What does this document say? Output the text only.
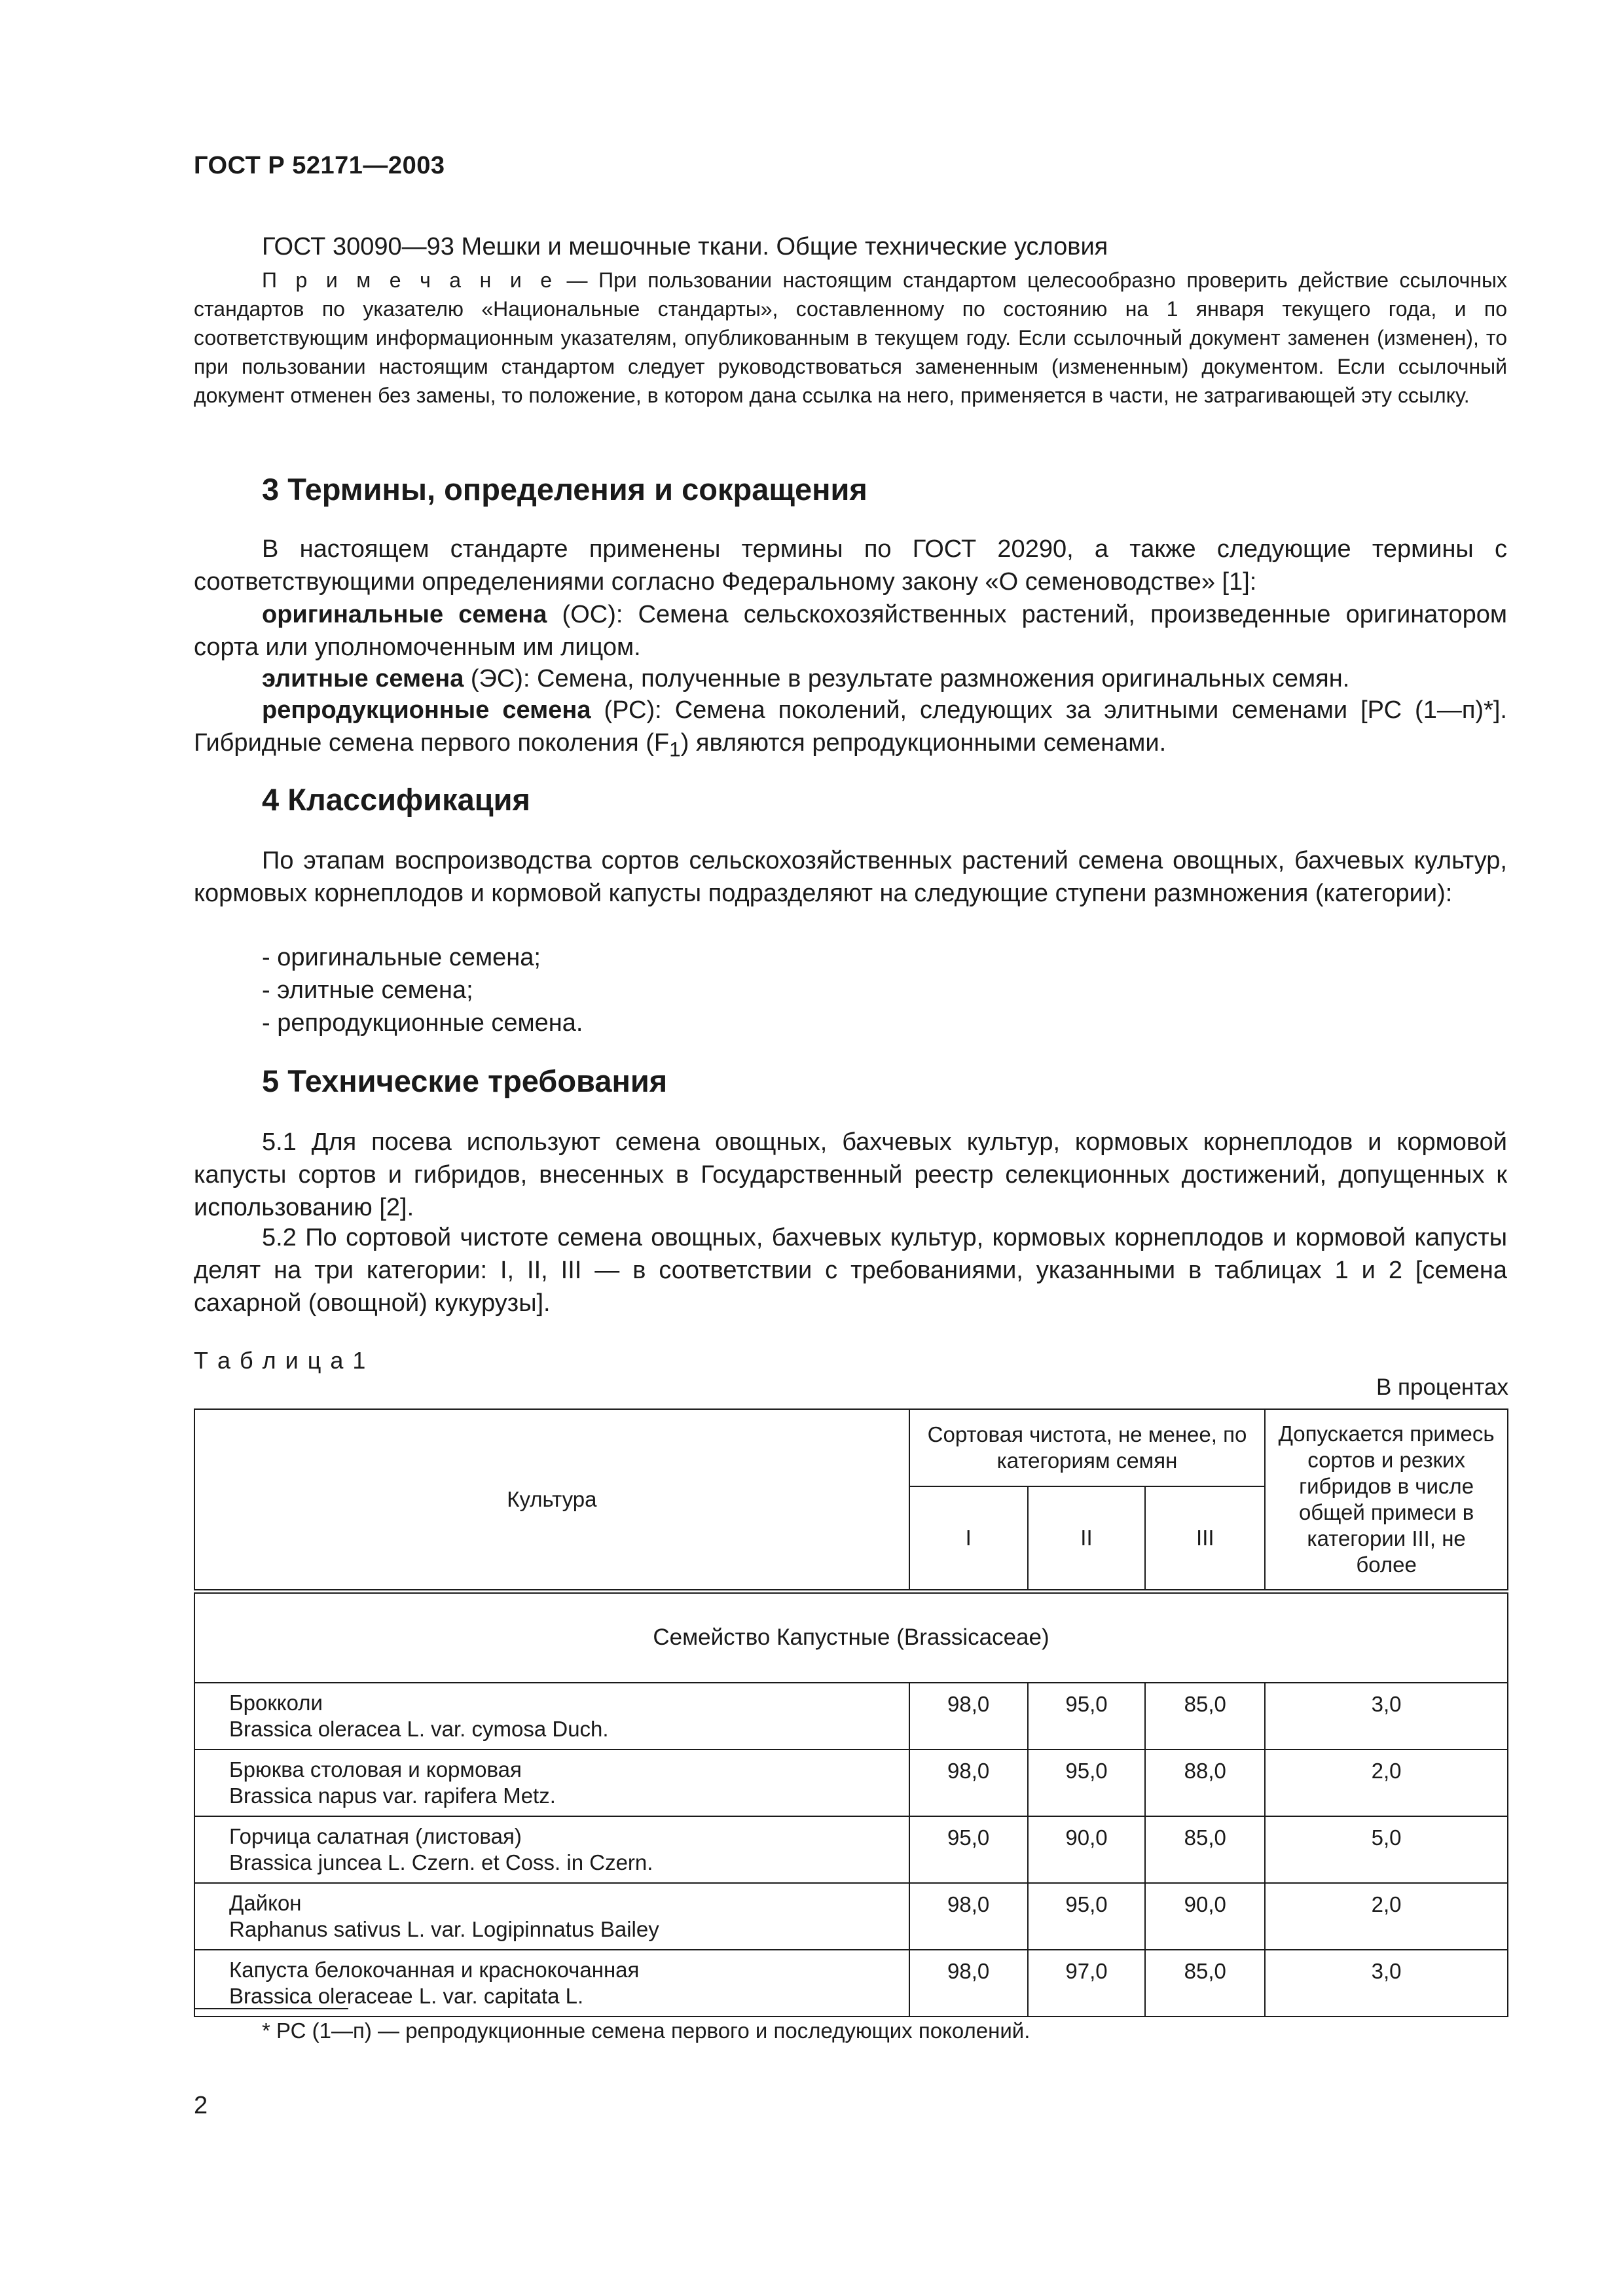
ГОСТ Р 52171—2003
ГОСТ 30090—93 Мешки и мешочные ткани. Общие технические условия
П р и м е ч а н и е — При пользовании настоящим стандартом целесообразно проверить действие ссылочных стандартов по указателю «Национальные стандарты», составленному по состоянию на 1 января текущего года, и по соответствующим информационным указателям, опубликованным в текущем году. Если ссылочный документ заменен (изменен), то при пользовании настоящим стандартом следует руководствоваться замененным (измененным) документом. Если ссылочный документ отменен без замены, то положение, в котором дана ссылка на него, применяется в части, не затрагивающей эту ссылку.
3 Термины, определения и сокращения
В настоящем стандарте применены термины по ГОСТ 20290, а также следующие термины с соответствующими определениями согласно Федеральному закону «О семеноводстве» [1]:
оригинальные семена (ОС): Семена сельскохозяйственных растений, произведенные оригинатором сорта или уполномоченным им лицом.
элитные семена (ЭС): Семена, полученные в результате размножения оригинальных семян.
репродукционные семена (РС): Семена поколений, следующих за элитными семенами [РС (1—п)*]. Гибридные семена первого поколения $(F_1)$ являются репродукционными семенами.
4 Классификация
По этапам воспроизводства сортов сельскохозяйственных растений семена овощных, бахчевых культур, кормовых корнеплодов и кормовой капусты подразделяют на следующие ступени размножения (категории):
- оригинальные семена;
- элитные семена;
- репродукционные семена.
5 Технические требования
5.1 Для посева используют семена овощных, бахчевых культур, кормовых корнеплодов и кормовой капусты сортов и гибридов, внесенных в Государственный реестр селекционных достижений, допущенных к использованию [2].
5.2 По сортовой чистоте семена овощных, бахчевых культур, кормовых корнеплодов и кормовой капусты делят на три категории: I, II, III — в соответствии с требованиями, указанными в таблицах 1 и 2 [семена сахарной (овощной) кукурузы].
Т а б л и ц а 1
В процентах
Культура	Сортовая чистота, не менее, по категориям семян			Допускается примесь сортов и резких гибридов в числе общей примеси в категории III, не более
	I	II	III	
Семейство Капустные (Brassicaceae)				

Брокколи
Brassica oleracea L. var. cymosa Duch.	98,0	95,0	85,0	3,0

Брюква столовая и кормовая
Brassica napus var. rapifera Metz.	98,0	95,0	88,0	2,0

Горчица салатная (листовая)
Brassica juncea L. Czern. et Coss. in Czern.	95,0	90,0	85,0	5,0

Дайкон
Raphanus sativus L. var. Logipinnatus Bailey	98,0	95,0	90,0	2,0

Капуста белокочанная и краснокочанная
Brassica oleraceae L. var. capitata L.	98,0	97,0	85,0	3,0
* РС (1—п) — репродукционные семена первого и последующих поколений.
2
